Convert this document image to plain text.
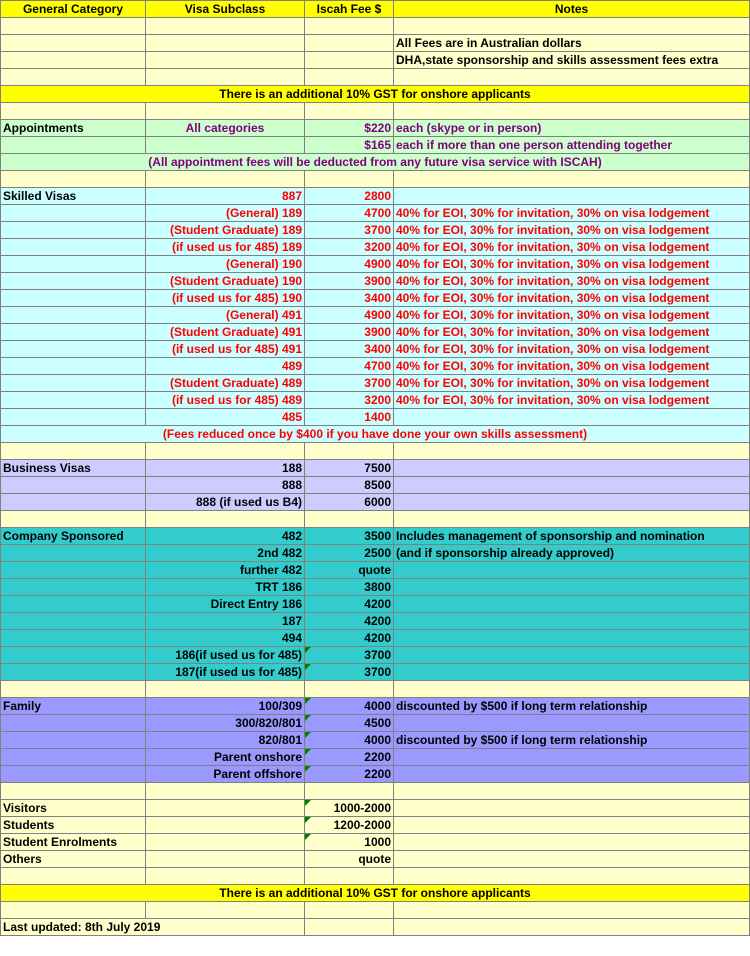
General Category	Visa Subclass	Iscah Fee $	Notes

			All Fees are in Australian dollars
			DHA,state sponsorship and skills assessment fees extra

There is an additional 10% GST for onshore applicants			

Appointments	All categories	$220	each (skype or in person)
		$165	each if more than one person attending together
(All appointment fees will be deducted from any future visa service with ISCAH)			

Skilled Visas	887	2800	
	(General) 189	4700	40% for EOI, 30% for invitation, 30% on visa lodgement
	(Student Graduate) 189	3700	40% for EOI, 30% for invitation, 30% on visa lodgement
	(if used us for 485) 189	3200	40% for EOI, 30% for invitation, 30% on visa lodgement
	(General) 190	4900	40% for EOI, 30% for invitation, 30% on visa lodgement
	(Student Graduate) 190	3900	40% for EOI, 30% for invitation, 30% on visa lodgement
	(if used us for 485) 190	3400	40% for EOI, 30% for invitation, 30% on visa lodgement
	(General) 491	4900	40% for EOI, 30% for invitation, 30% on visa lodgement
	(Student Graduate) 491	3900	40% for EOI, 30% for invitation, 30% on visa lodgement
	(if used us for 485) 491	3400	40% for EOI, 30% for invitation, 30% on visa lodgement
	489	4700	40% for EOI, 30% for invitation, 30% on visa lodgement
	(Student Graduate) 489	3700	40% for EOI, 30% for invitation, 30% on visa lodgement
	(if used us for 485) 489	3200	40% for EOI, 30% for invitation, 30% on visa lodgement
	485	1400	
(Fees reduced once by $400 if you have done your own skills assessment)			

Business Visas	188	7500	
	888	8500	
	888 (if used us B4)	6000	

Company Sponsored	482	3500	Includes management of sponsorship and nomination
	2nd 482	2500	(and if sponsorship already approved)
	further 482	quote	
	TRT 186	3800	
	Direct Entry 186	4200	
	187	4200	
	494	4200	
	186(if used us for 485)	3700	
	187(if used us for 485)	3700	

Family	100/309	4000	discounted by $500 if long term relationship
	300/820/801	4500	
	820/801	4000	discounted by $500 if long term relationship
	Parent onshore	2200	
	Parent offshore	2200	

Visitors		1000-2000	
Students		1200-2000	
Student Enrolments		1000	
Others		quote	

There is an additional 10% GST for onshore applicants			

Last updated: 8th July 2019			
